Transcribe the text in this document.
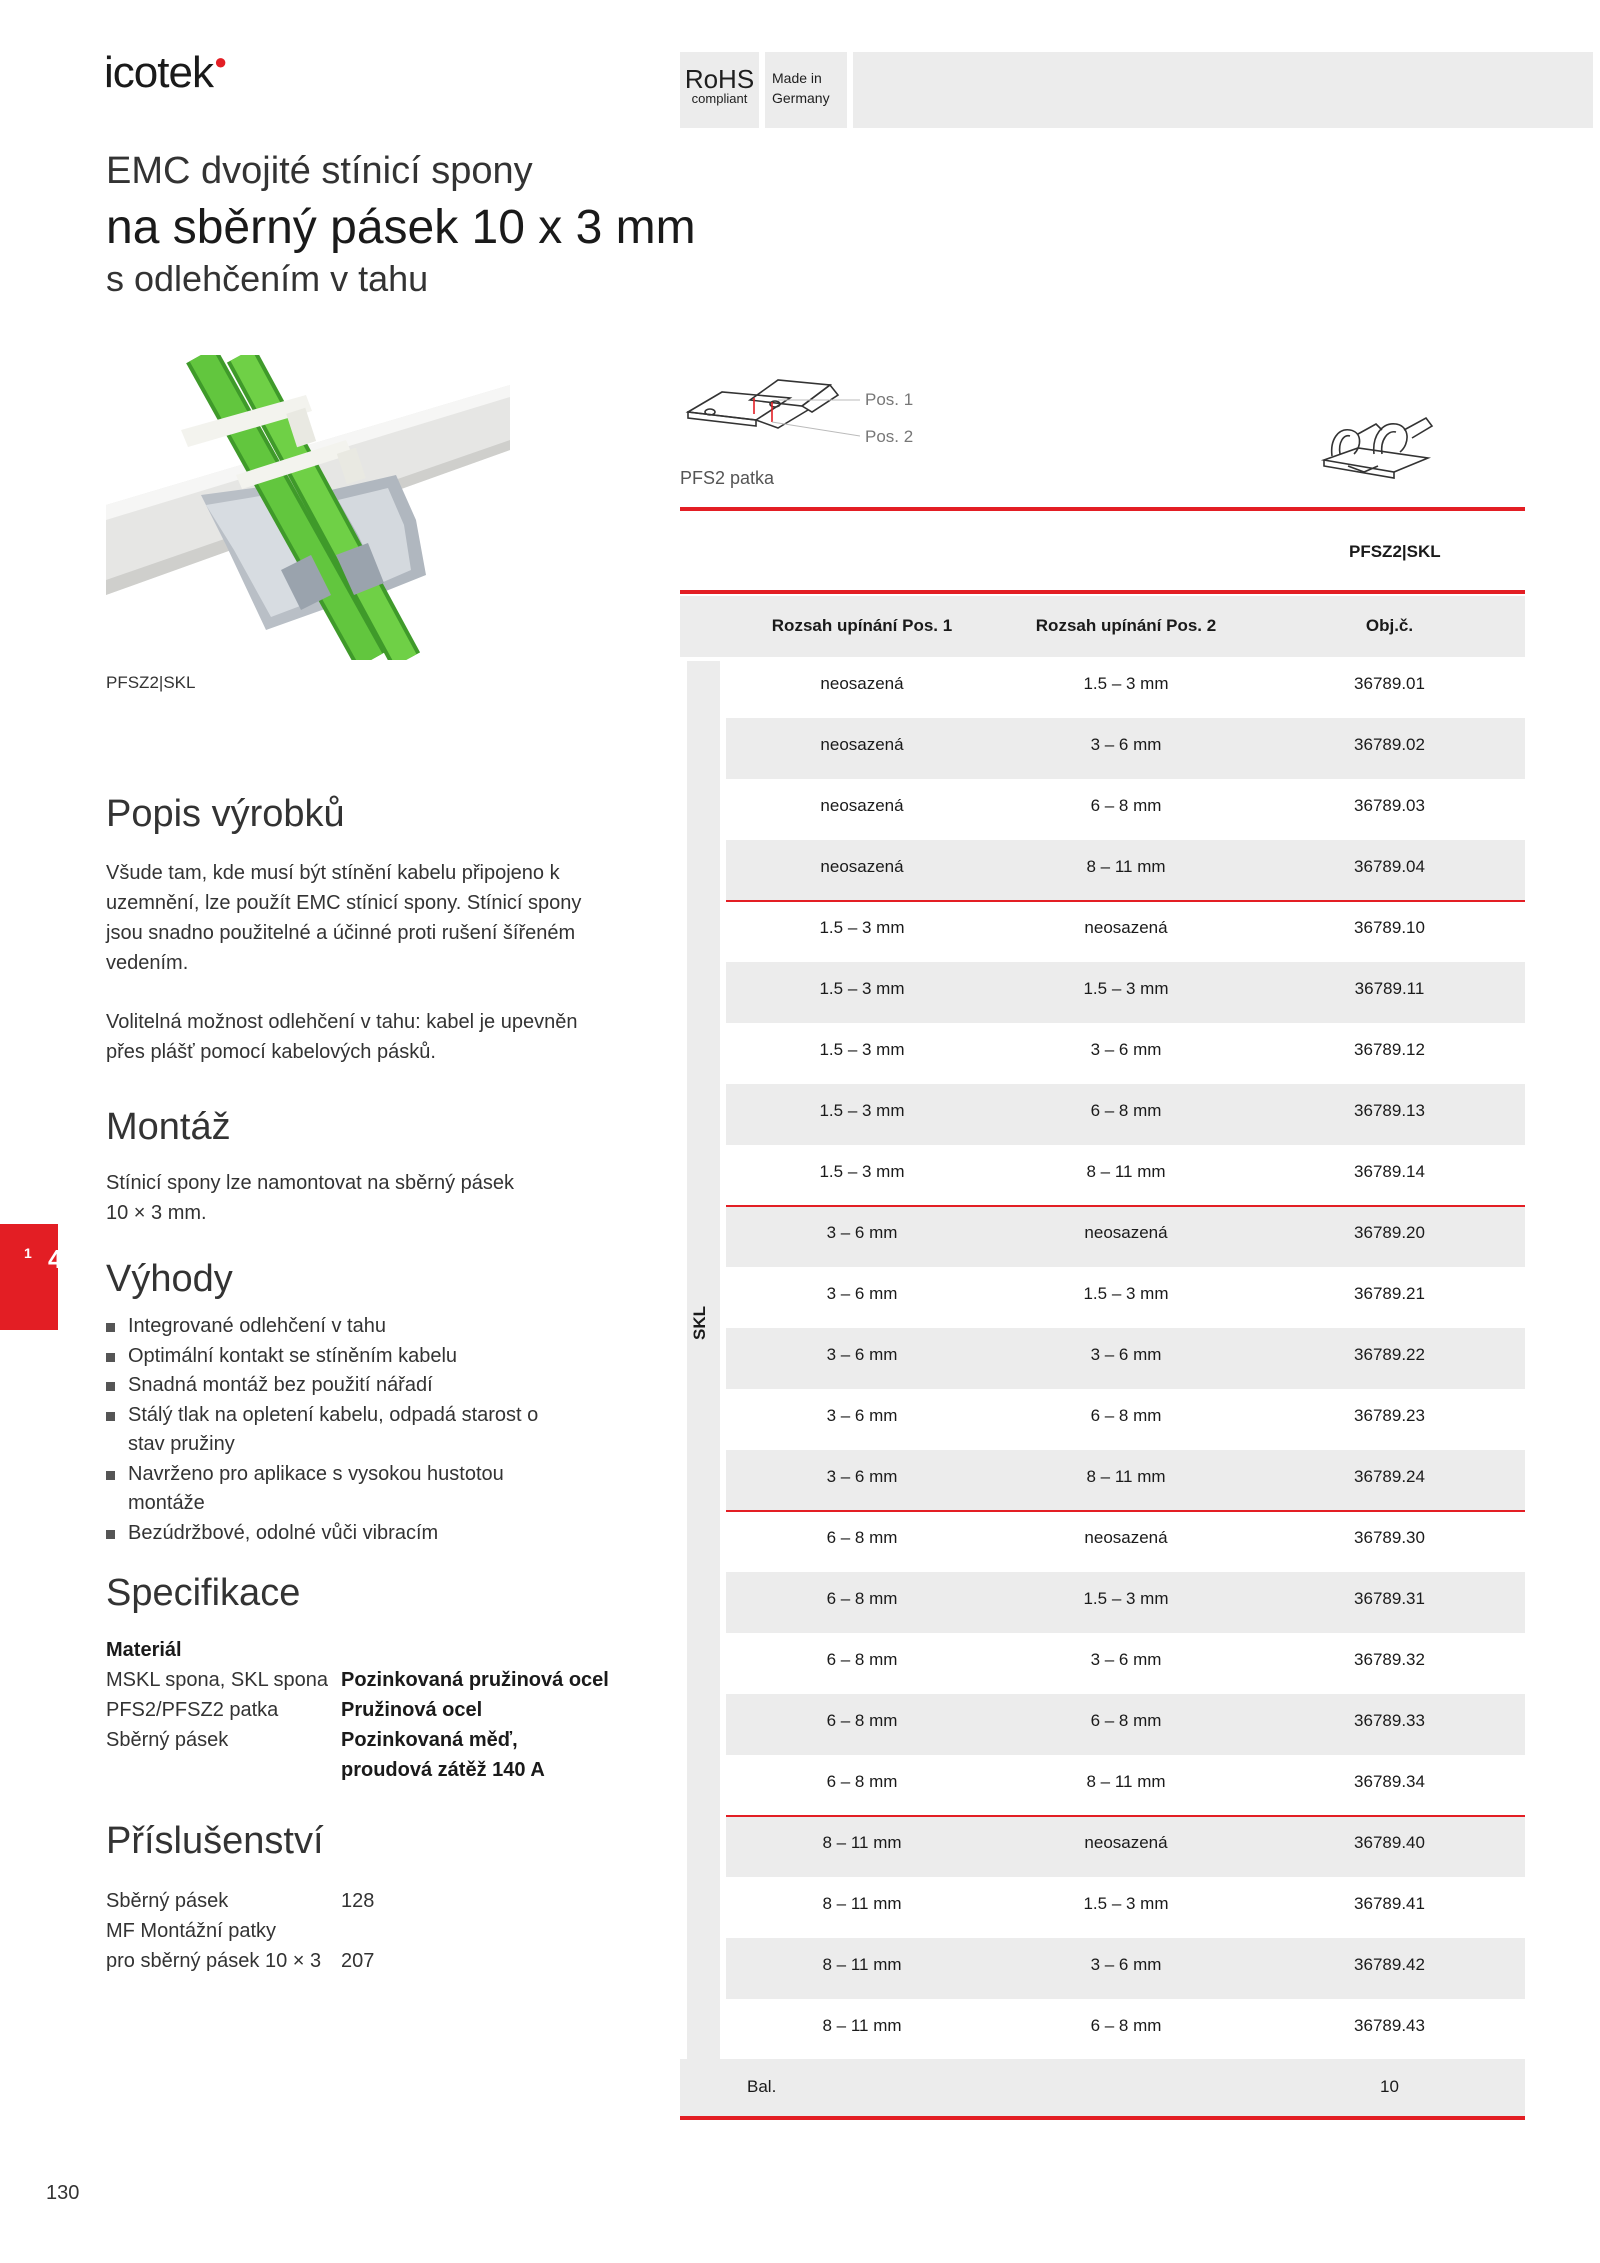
icotek●
RoHS
compliant
Made in
Germany
EMC dvojité stínicí spony
na sběrný pásek 10 x 3 mm
s odlehčením v tahu
PFSZ2|SKL
Popis výrobků
Všude tam, kde musí být stínění kabelu připojeno k
uzemnění, lze použít EMC stínicí spony. Stínicí spony
jsou snadno použitelné a účinné proti rušení šířeném
vedením.
Volitelná možnost odlehčení v tahu: kabel je upevněn
přes plášť pomocí kabelových pásků.
Montáž
Stínicí spony lze namontovat na sběrný pásek
10 × 3 mm.
Výhody
Integrované odlehčení v tahu
Optimální kontakt se stíněním kabelu
Snadná montáž bez použití nářadí
Stálý tlak na opletení kabelu, odpadá starost o
stav pružiny
Navrženo pro aplikace s vysokou hustotou
montáže
Bezúdržbové, odolné vůči vibracím
Specifikace
Materiál
MSKL spona, SKL spona Pozinkovaná pružinová ocel
PFS2/PFSZ2 patka	Pružinová ocel
Sběrný pásek	Pozinkovaná měď,
proudová zátěž 140 A
Příslušenství
Sběrný pásek	128
MF Montážní patky
pro sběrný pásek 10 × 3 207
4.
1
130
Pos. 1
Pos. 2
PFS2 patka
PFSZ2|SKL
Rozsah upínání Pos. 1	Rozsah upínání Pos. 2	Obj.č.
SKL
neosazená	1.5 – 3 mm	36789.01
neosazená	3 – 6 mm	36789.02
neosazená	6 – 8 mm	36789.03
neosazená	8 – 11 mm	36789.04
1.5 – 3 mm	neosazená	36789.10
1.5 – 3 mm	1.5 – 3 mm	36789.11
1.5 – 3 mm	3 – 6 mm	36789.12
1.5 – 3 mm	6 – 8 mm	36789.13
1.5 – 3 mm	8 – 11 mm	36789.14
3 – 6 mm	neosazená	36789.20
3 – 6 mm	1.5 – 3 mm	36789.21
3 – 6 mm	3 – 6 mm	36789.22
3 – 6 mm	6 – 8 mm	36789.23
3 – 6 mm	8 – 11 mm	36789.24
6 – 8 mm	neosazená	36789.30
6 – 8 mm	1.5 – 3 mm	36789.31
6 – 8 mm	3 – 6 mm	36789.32
6 – 8 mm	6 – 8 mm	36789.33
6 – 8 mm	8 – 11 mm	36789.34
8 – 11 mm	neosazená	36789.40
8 – 11 mm	1.5 – 3 mm	36789.41
8 – 11 mm	3 – 6 mm	36789.42
8 – 11 mm	6 – 8 mm	36789.43
Bal.	10
